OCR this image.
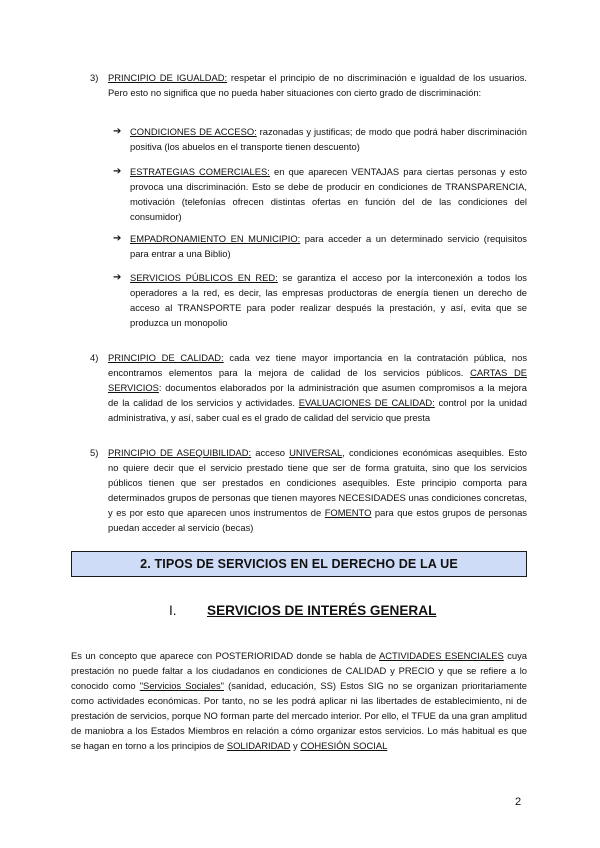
3) PRINCIPIO DE IGUALDAD: respetar el principio de no discriminación e igualdad de los usuarios. Pero esto no significa que no pueda haber situaciones con cierto grado de discriminación:
➔ CONDICIONES DE ACCESO: razonadas y justificas; de modo que podrá haber discriminación positiva (los abuelos en el transporte tienen descuento)
➔ ESTRATEGIAS COMERCIALES: en que aparecen VENTAJAS para ciertas personas y esto provoca una discriminación. Esto se debe de producir en condiciones de TRANSPARENCIA, motivación (telefonías ofrecen distintas ofertas en función del de las condiciones del consumidor)
➔ EMPADRONAMIENTO EN MUNICIPIO: para acceder a un determinado servicio (requisitos para entrar a una Biblio)
➔ SERVICIOS PÚBLICOS EN RED: se garantiza el acceso por la interconexión a todos los operadores a la red, es decir, las empresas productoras de energía tienen un derecho de acceso al TRANSPORTE para poder realizar después la prestación, y así, evita que se produzca un monopolio
4) PRINCIPIO DE CALIDAD: cada vez tiene mayor importancia en la contratación pública, nos encontramos elementos para la mejora de calidad de los servicios públicos. CARTAS DE SERVICIOS: documentos elaborados por la administración que asumen compromisos a la mejora de la calidad de los servicios y actividades. EVALUACIONES DE CALIDAD: control por la unidad administrativa, y así, saber cual es el grado de calidad del servicio que presta
5) PRINCIPIO DE ASEQUIBILIDAD: acceso UNIVERSAL, condiciones económicas asequibles. Esto no quiere decir que el servicio prestado tiene que ser de forma gratuita, sino que los servicios públicos tienen que ser prestados en condiciones asequibles. Este principio comporta para determinados grupos de personas que tienen mayores NECESIDADES unas condiciones concretas, y es por esto que aparecen unos instrumentos de FOMENTO para que estos grupos de personas puedan acceder al servicio (becas)
2. TIPOS DE SERVICIOS EN EL DERECHO DE LA UE
I. SERVICIOS DE INTERÉS GENERAL
Es un concepto que aparece con POSTERIORIDAD donde se habla de ACTIVIDADES ESENCIALES cuya prestación no puede faltar a los ciudadanos en condiciones de CALIDAD y PRECIO y que se refiere a lo conocido como "Servicios Sociales" (sanidad, educación, SS) Estos SIG no se organizan prioritariamente como actividades económicas. Por tanto, no se les podrá aplicar ni las libertades de establecimiento, ni de prestación de servicios, porque NO forman parte del mercado interior. Por ello, el TFUE da una gran amplitud de maniobra a los Estados Miembros en relación a cómo organizar estos servicios. Lo más habitual es que se hagan en torno a los principios de SOLIDARIDAD y COHESIÓN SOCIAL
2
